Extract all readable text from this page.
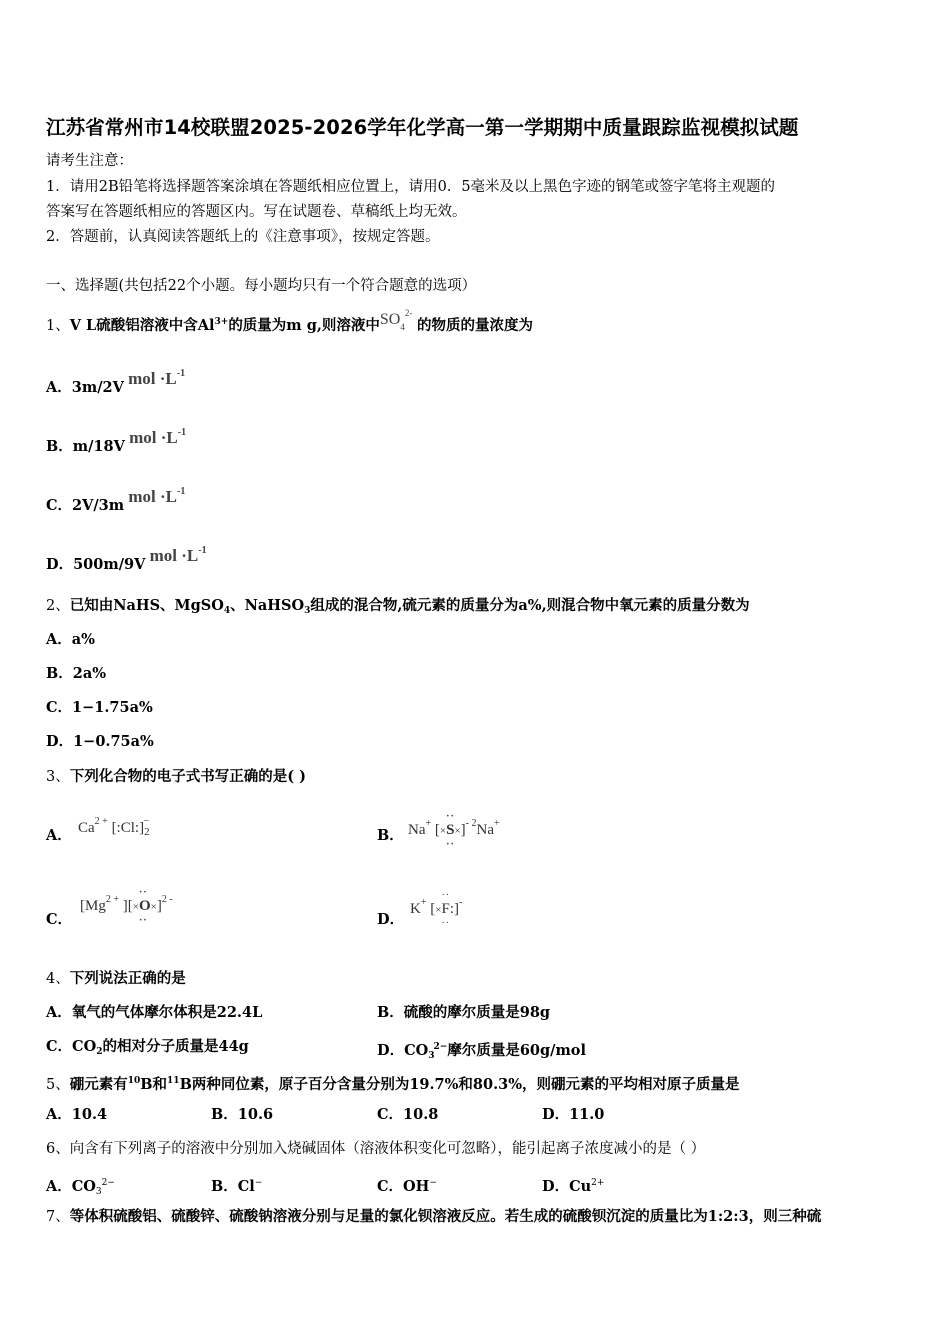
江苏省常州市14校联盟2025-2026学年化学高一第一学期期中质量跟踪监视模拟试题
请考生注意：
1．请用2B铅笔将选择题答案涂填在答题纸相应位置上，请用0．5毫米及以上黑色字迹的钢笔或签字笔将主观题的
答案写在答题纸相应的答题区内。写在试题卷、草稿纸上均无效。
2．答题前，认真阅读答题纸上的《注意事项》，按规定答题。
一、选择题(共包括22个小题。每小题均只有一个符合题意的选项）
1、V L硫酸铝溶液中含$Al^{3+}$的质量为m g,则溶液中$SO_4^{2-}$ 的物质的量浓度为
A．3m/2V mol $\cdot L^{-1}$
B．m/18V mol $\cdot L^{-1}$
C．2V/3m mol $\cdot L^{-1}$
D．500m/9V mol $\cdot L^{-1}$
2、已知由NaHS、MgSO$_4$、NaHSO$_3$组成的混合物,硫元素的质量分为a%,则混合物中氧元素的质量分数为
A．a%
B．2a%
C．1−1.75a%
D．1−0.75a%
3、下列化合物的电子式书写正确的是( )
A． $Ca^{2 +}$ $[:Cl:]_2^-$
B． Na+ [×·· S ··×]$^{- 2}$Na+
C．
[$Mg^{2 +}$ ][×·· O ··×]$^{2 -}$
D．
K+ [×·· F ··:]-
4、下列说法正确的是
A．氧气的气体摩尔体积是22.4L	B．硫酸的摩尔质量是98g
C．$CO_2$的相对分子质量是44g	D．$CO_3^{2-}$摩尔质量是60g/mol
5、硼元素有$^{10}$B和$^{11}$B两种同位素，原子百分含量分别为19.7%和80.3%，则硼元素的平均相对原子质量是
A．10.4	B．10.6	C．10.8	D．11.0
6、向含有下列离子的溶液中分别加入烧碱固体（溶液体积变化可忽略），能引起离子浓度减小的是（ ）
A．$CO_3^{2-}$	B．Cl−	C．OH−	D．$Cu^{2+}$
7、等体积硫酸铝、硫酸锌、硫酸钠溶液分别与足量的氯化钡溶液反应。若生成的硫酸钡沉淀的质量比为1:2:3，则三种硫
